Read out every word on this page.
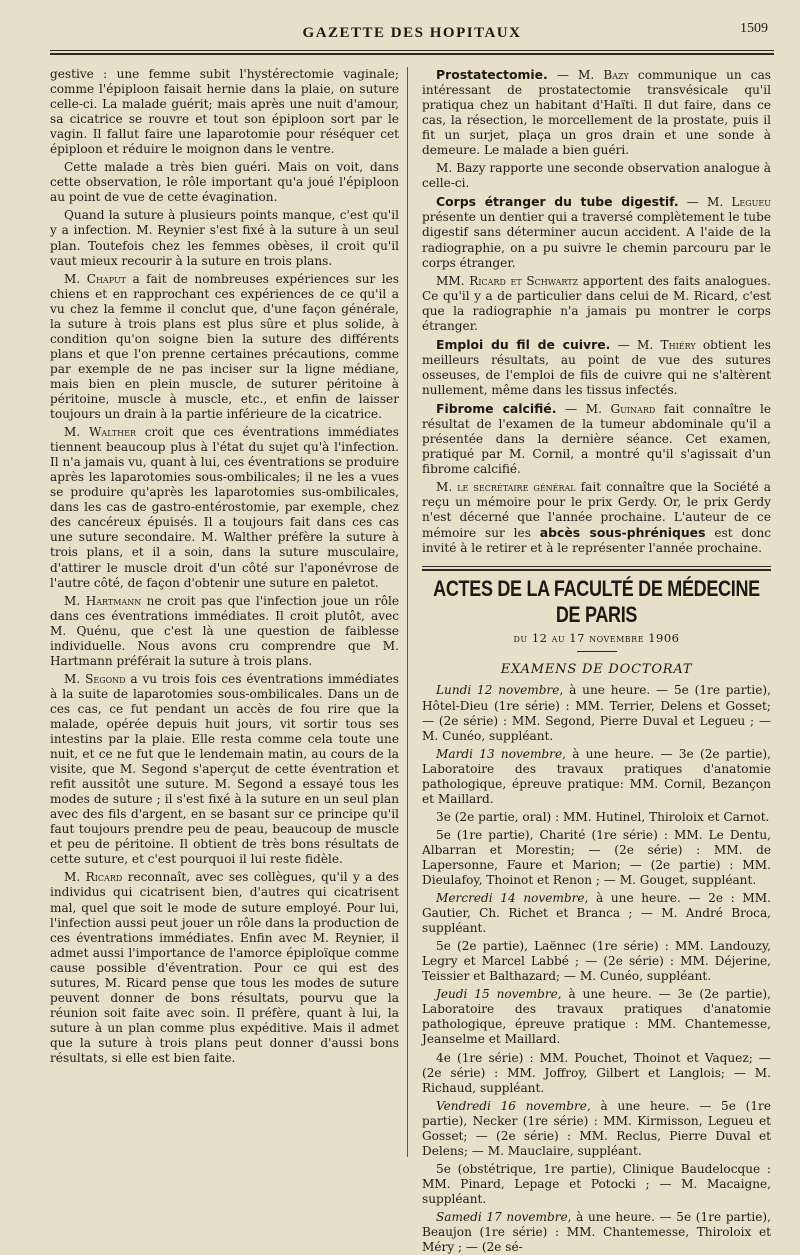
GAZETTE DES HOPITAUX	1509

gestive : une femme subit l'hystérectomie vaginale; comme l'épiploon faisait hernie dans la plaie, on suture celle-ci. La malade guérit; mais après une nuit d'amour, sa cicatrice se rouvre et tout son épiploon sort par le vagin. Il fallut faire une laparotomie pour réséquer cet épiploon et réduire le moignon dans le ventre.

Cette malade a très bien guéri. Mais on voit, dans cette observation, le rôle important qu'a joué l'épiploon au point de vue de cette évagination.

Quand la suture à plusieurs points manque, c'est qu'il y a infection. M. Reynier s'est fixé à la suture à un seul plan. Toutefois chez les femmes obèses, il croit qu'il vaut mieux recourir à la suture en trois plans.

M. Chaput a fait de nombreuses expériences sur les chiens et en rapprochant ces expériences de ce qu'il a vu chez la femme il conclut que, d'une façon générale, la suture à trois plans est plus sûre et plus solide, à condition qu'on soigne bien la suture des différents plans et que l'on prenne certaines précautions, comme par exemple de ne pas inciser sur la ligne médiane, mais bien en plein muscle, de suturer péritoine à péritoine, muscle à muscle, etc., et enfin de laisser toujours un drain à la partie inférieure de la cicatrice.

M. Walther croit que ces éventrations immédiates tiennent beaucoup plus à l'état du sujet qu'à l'infection. Il n'a jamais vu, quant à lui, ces éventrations se produire après les laparotomies sous-ombilicales; il ne les a vues se produire qu'après les laparotomies sus-ombilicales, dans les cas de gastro-entérostomie, par exemple, chez des cancéreux épuisés. Il a toujours fait dans ces cas une suture secondaire. M. Walther préfère la suture à trois plans, et il a soin, dans la suture musculaire, d'attirer le muscle droit d'un côté sur l'aponévrose de l'autre côté, de façon d'obtenir une suture en paletot.

M. Hartmann ne croit pas que l'infection joue un rôle dans ces éventrations immédiates. Il croit plutôt, avec M. Quénu, que c'est là une question de faiblesse individuelle. Nous avons cru comprendre que M. Hartmann préférait la suture à trois plans.

M. Segond a vu trois fois ces éventrations immédiates à la suite de laparotomies sous-ombilicales. Dans un de ces cas, ce fut pendant un accès de fou rire que la malade, opérée depuis huit jours, vit sortir tous ses intestins par la plaie. Elle resta comme cela toute une nuit, et ce ne fut que le lendemain matin, au cours de la visite, que M. Segond s'aperçut de cette éventration et refit aussitôt une suture. M. Segond a essayé tous les modes de suture ; il s'est fixé à la suture en un seul plan avec des fils d'argent, en se basant sur ce principe qu'il faut toujours prendre peu de peau, beaucoup de muscle et peu de péritoine. Il obtient de très bons résultats de cette suture, et c'est pourquoi il lui reste fidèle.

M. Ricard reconnaît, avec ses collègues, qu'il y a des individus qui cicatrisent bien, d'autres qui cicatrisent mal, quel que soit le mode de suture employé. Pour lui, l'infection aussi peut jouer un rôle dans la production de ces éventrations immédiates. Enfin avec M. Reynier, il admet aussi l'importance de l'amorce épiploïque comme cause possible d'éventration. Pour ce qui est des sutures, M. Ricard pense que tous les modes de suture peuvent donner de bons résultats, pourvu que la réunion soit faite avec soin. Il préfère, quant à lui, la suture à un plan comme plus expéditive. Mais il admet que la suture à trois plans peut donner d'aussi bons résultats, si elle est bien faite.

Prostatectomie. — M. Bazy communique un cas intéressant de prostatectomie transvésicale qu'il pratiqua chez un habitant d'Haïti. Il dut faire, dans ce cas, la résection, le morcellement de la prostate, puis il fit un surjet, plaça un gros drain et une sonde à demeure. Le malade a bien guéri.

M. Bazy rapporte une seconde observation analogue à celle-ci.

Corps étranger du tube digestif. — M. Legueu présente un dentier qui a traversé complètement le tube digestif sans déterminer aucun accident. A l'aide de la radiographie, on a pu suivre le chemin parcouru par le corps étranger.

MM. Ricard et Schwartz apportent des faits analogues. Ce qu'il y a de particulier dans celui de M. Ricard, c'est que la radiographie n'a jamais pu montrer le corps étranger.

Emploi du fil de cuivre. — M. Thiéry obtient les meilleurs résultats, au point de vue des sutures osseuses, de l'emploi de fils de cuivre qui ne s'altèrent nullement, même dans les tissus infectés.

Fibrome calcifié. — M. Guinard fait connaître le résultat de l'examen de la tumeur abdominale qu'il a présentée dans la dernière séance. Cet examen, pratiqué par M. Cornil, a montré qu'il s'agissait d'un fibrome calcifié.

M. le secrétaire général fait connaître que la Société a reçu un mémoire pour le prix Gerdy. Or, le prix Gerdy n'est décerné que l'année prochaine. L'auteur de ce mémoire sur les abcès sous-phréniques est donc invité à le retirer et à le représenter l'année prochaine.

ACTES DE LA FACULTÉ DE MÉDECINE DE PARIS
du 12 au 17 novembre 1906
EXAMENS DE DOCTORAT

Lundi 12 novembre, à une heure. — 5e (1re partie), Hôtel-Dieu (1re série) : MM. Terrier, Delens et Gosset; — (2e série) : MM. Segond, Pierre Duval et Legueu ; — M. Cunéo, suppléant.

Mardi 13 novembre, à une heure. — 3e (2e partie), Laboratoire des travaux pratiques d'anatomie pathologique, épreuve pratique: MM. Cornil, Bezançon et Maillard.

3e (2e partie, oral) : MM. Hutinel, Thiroloix et Carnot.

5e (1re partie), Charité (1re série) : MM. Le Dentu, Albarran et Morestin; — (2e série) : MM. de Lapersonne, Faure et Marion; — (2e partie) : MM. Dieulafoy, Thoinot et Renon ; — M. Gouget, suppléant.

Mercredi 14 novembre, à une heure. — 2e : MM. Gautier, Ch. Richet et Branca ; — M. André Broca, suppléant.

5e (2e partie), Laënnec (1re série) : MM. Landouzy, Legry et Marcel Labbé ; — (2e série) : MM. Déjerine, Teissier et Balthazard; — M. Cunéo, suppléant.

Jeudi 15 novembre, à une heure. — 3e (2e partie), Laboratoire des travaux pratiques d'anatomie pathologique, épreuve pratique : MM. Chantemesse, Jeanselme et Maillard.

4e (1re série) : MM. Pouchet, Thoinot et Vaquez; — (2e série) : MM. Joffroy, Gilbert et Langlois; — M. Richaud, suppléant.

Vendredi 16 novembre, à une heure. — 5e (1re partie), Necker (1re série) : MM. Kirmisson, Legueu et Gosset; — (2e série) : MM. Reclus, Pierre Duval et Delens; — M. Mauclaire, suppléant.

5e (obstétrique, 1re partie), Clinique Baudelocque : MM. Pinard, Lepage et Potocki ; — M. Macaigne, suppléant.

Samedi 17 novembre, à une heure. — 5e (1re partie), Beaujon (1re série) : MM. Chantemesse, Thiroloix et Méry ; — (2e sé-
